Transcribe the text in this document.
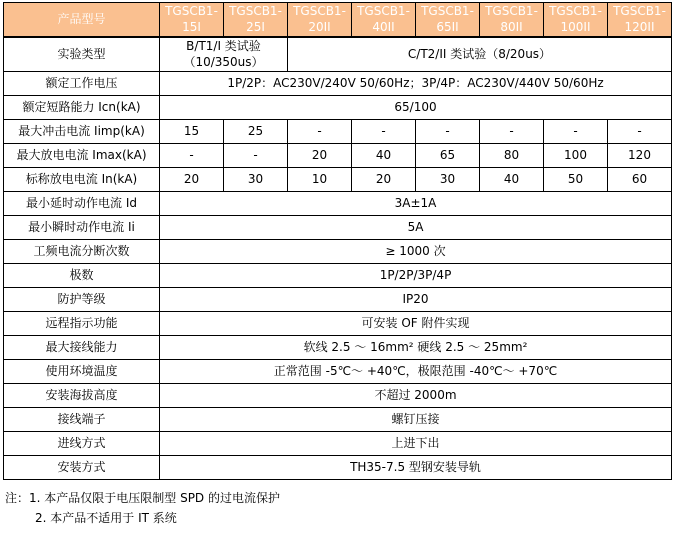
产品型号	TGSCB1-15I	TGSCB1-25I	TGSCB1-20II	TGSCB1-40II	TGSCB1-65II	TGSCB1-80II	TGSCB1-100II	TGSCB1-120II
实验类型	B/T1/I 类试验（10/350us）		C/T2/II 类试验（8/20us）					
额定工作电压	1P/2P：AC230V/240V 50/60Hz；3P/4P：AC230V/440V 50/60Hz							
额定短路能力 Icn(kA)	65/100							
最大冲击电流 Iimp(kA)	15	25	-	-	-	-	-	-
最大放电电流 Imax(kA)	-	-	20	40	65	80	100	120
标称放电电流 In(kA)	20	30	10	20	30	40	50	60
最小延时动作电流 Id	3A±1A							
最小瞬时动作电流 Ii	5A							
工频电流分断次数	≥ 1000 次							
极数	1P/2P/3P/4P							
防护等级	IP20							
远程指示功能	可安装 OF 附件实现							
最大接线能力	软线 2.5 ～ 16mm² 硬线 2.5 ～ 25mm²							
使用环境温度	正常范围 -5℃～ +40℃，极限范围 -40℃～ +70℃							
安装海拔高度	不超过 2000m							
接线端子	螺钉压接							
进线方式	上进下出							
安装方式	TH35-7.5 型钢安装导轨							
注：1. 本产品仅限于电压限制型 SPD 的过电流保护
2. 本产品不适用于 IT 系统
